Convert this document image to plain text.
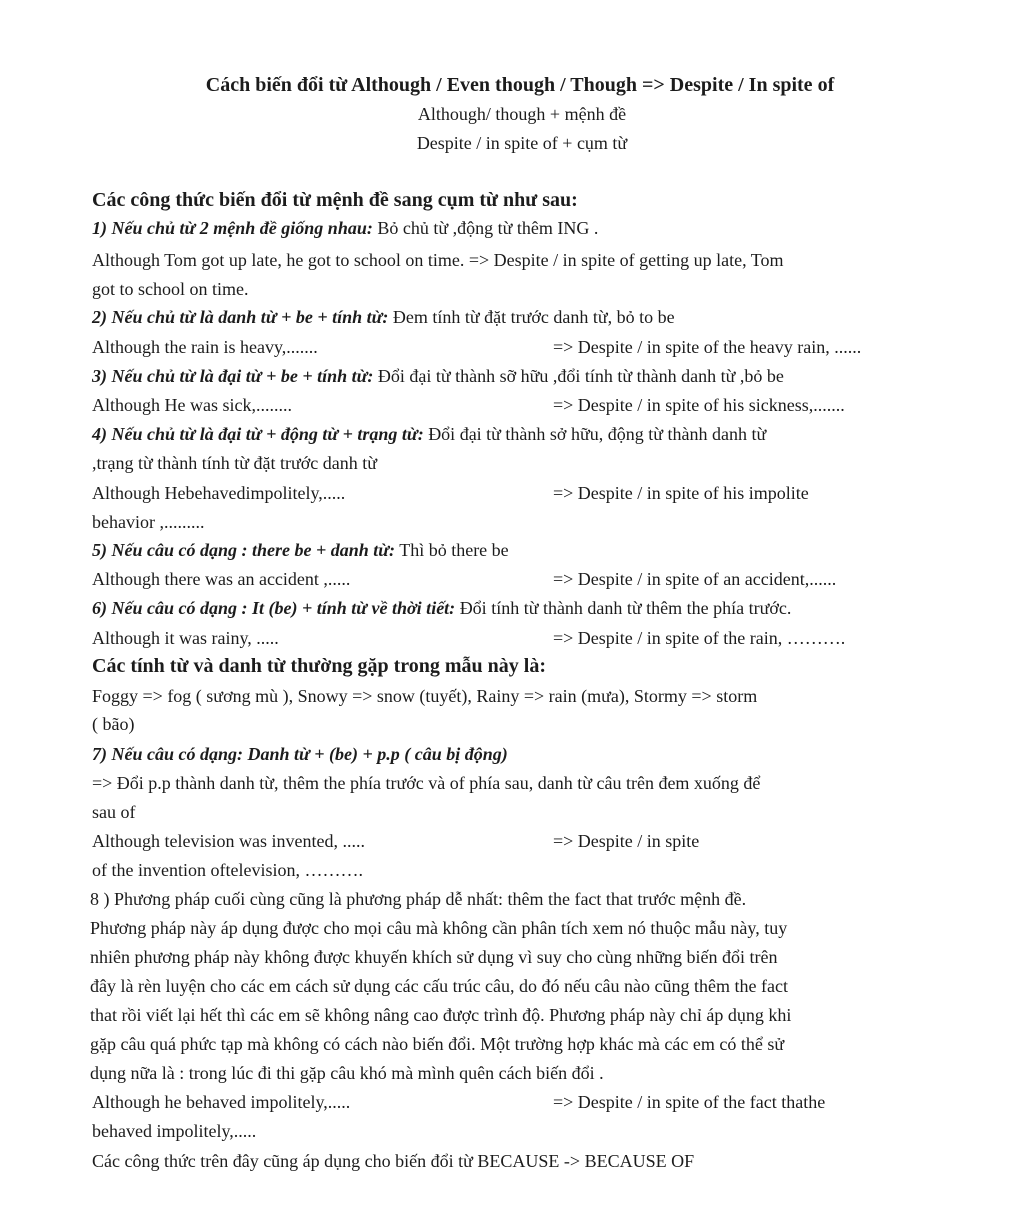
Cách biến đổi từ Although / Even though / Though => Despite / In spite of
Although/ though + mệnh đề
Despite / in spite of + cụm từ
Các công thức biến đổi từ mệnh đề sang cụm từ như sau:
1) Nếu chủ từ 2 mệnh đề giống nhau: Bỏ chủ từ ,động từ thêm ING .
Although Tom got up late, he got to school on time. => Despite / in spite of getting up late, Tom
got to school on time.
2) Nếu chủ từ là danh từ + be + tính từ: Đem tính từ đặt trước danh từ, bỏ to be
Although the rain is heavy,.......	=> Despite / in spite of the heavy rain, ......
3) Nếu chủ từ là đại từ + be + tính từ: Đổi đại từ thành sỡ hữu ,đổi tính từ thành danh từ ,bỏ be
Although He was sick,........	=> Despite / in spite of his sickness,.......
4) Nếu chủ từ là đại từ + động từ + trạng từ: Đổi đại từ thành sở hữu, động từ thành danh từ
,trạng từ thành tính từ đặt trước danh từ
Although Hebehavedimpolitely,.....	=> Despite / in spite of his impolite
behavior ,.........
5) Nếu câu có dạng : there be + danh từ: Thì bỏ there be
Although there was an accident ,.....	=> Despite / in spite of an accident,......
6) Nếu câu có dạng : It (be) + tính từ về thời tiết: Đổi tính từ thành danh từ thêm the phía trước.
Although it was rainy, .....	=> Despite / in spite of the rain, ……….
Các tính từ và danh từ thường gặp trong mẫu này là:
Foggy => fog ( sương mù ), Snowy => snow (tuyết), Rainy => rain (mưa), Stormy => storm
( bão)
7) Nếu câu có dạng: Danh từ + (be) + p.p ( câu bị động)
=> Đổi p.p thành danh từ, thêm the phía trước và of phía sau, danh từ câu trên đem xuống để
sau of
Although television was invented, .....	=> Despite / in spite
of the invention oftelevision, ……….
8 ) Phương pháp cuối cùng cũng là phương pháp dễ nhất: thêm the fact that trước mệnh đề.
Phương pháp này áp dụng được cho mọi câu mà không cần phân tích xem nó thuộc mẫu này, tuy
nhiên phương pháp này không được khuyến khích sử dụng vì suy cho cùng những biến đổi trên
đây là rèn luyện cho các em cách sử dụng các cấu trúc câu, do đó nếu câu nào cũng thêm the fact
that rồi viết lại hết thì các em sẽ không nâng cao được trình độ. Phương pháp này chỉ áp dụng khi
gặp câu quá phức tạp mà không có cách nào biến đổi. Một trường hợp khác mà các em có thể sử
dụng nữa là : trong lúc đi thi gặp câu khó mà mình quên cách biến đổi .
Although he behaved impolitely,.....	=> Despite / in spite of the fact thathe
behaved impolitely,.....
Các công thức trên đây cũng áp dụng cho biến đổi từ BECAUSE -> BECAUSE OF
